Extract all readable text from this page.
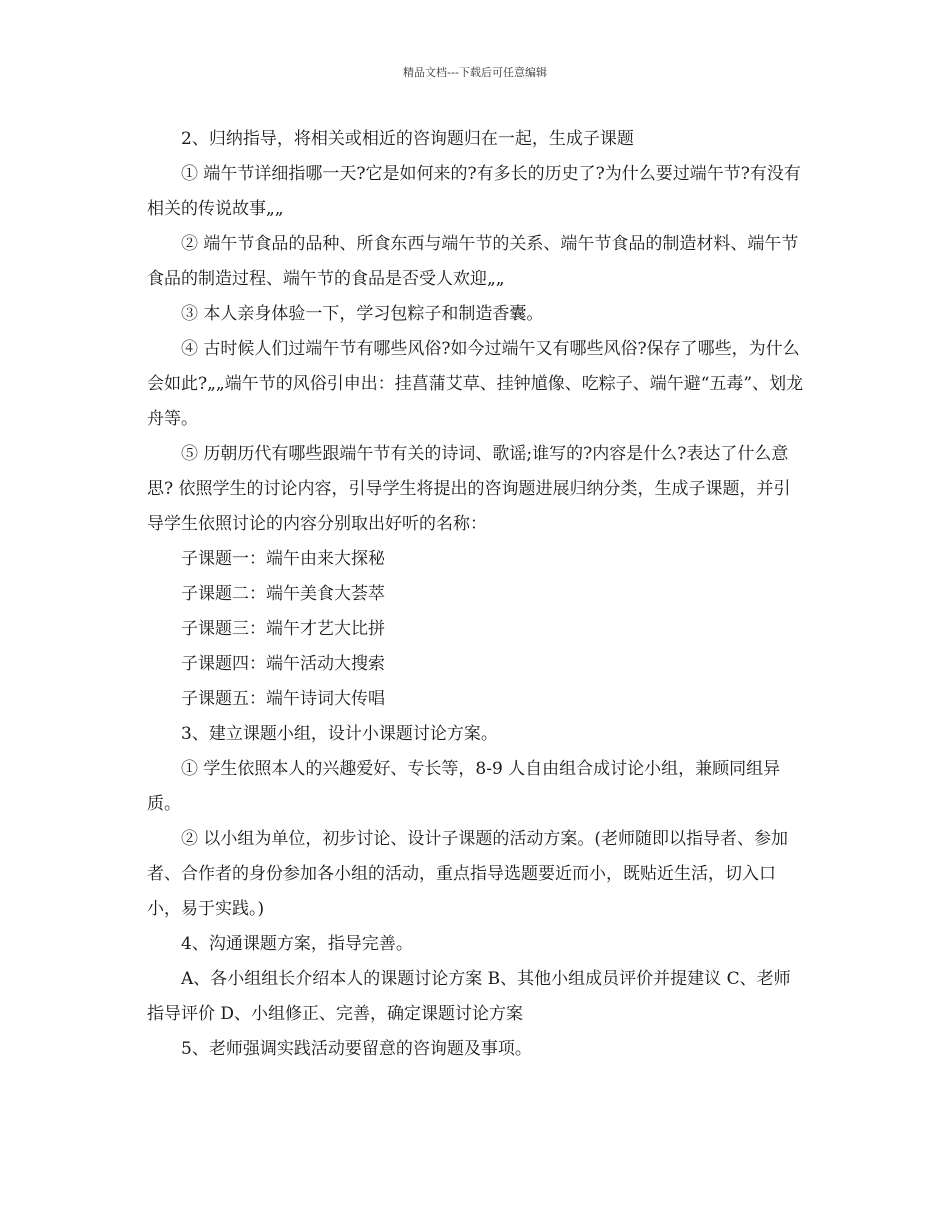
精品文档---下载后可任意编辑

2、归纳指导，将相关或相近的咨询题归在一起，生成子课题

① 端午节详细指哪一天?它是如何来的?有多长的历史了?为什么要过端午节?有没有相关的传说故事„„

② 端午节食品的品种、所食东西与端午节的关系、端午节食品的制造材料、端午节食品的制造过程、端午节的食品是否受人欢迎„„

③ 本人亲身体验一下，学习包粽子和制造香囊。

④ 古时候人们过端午节有哪些风俗?如今过端午又有哪些风俗?保存了哪些，为什么会如此?„„端午节的风俗引申出：挂菖蒲艾草、挂钟馗像、吃粽子、端午避“五毒”、划龙舟等。

⑤ 历朝历代有哪些跟端午节有关的诗词、歌谣;谁写的?内容是什么?表达了什么意思? 依照学生的讨论内容，引导学生将提出的咨询题进展归纳分类，生成子课题，并引导学生依照讨论的内容分别取出好听的名称：

子课题一：端午由来大探秘

子课题二：端午美食大荟萃

子课题三：端午才艺大比拼

子课题四：端午活动大搜索

子课题五：端午诗词大传唱

3、建立课题小组，设计小课题讨论方案。

① 学生依照本人的兴趣爱好、专长等，8-9 人自由组合成讨论小组，兼顾同组异质。

② 以小组为单位，初步讨论、设计子课题的活动方案。(老师随即以指导者、参加者、合作者的身份参加各小组的活动，重点指导选题要近而小，既贴近生活，切入口小，易于实践。)

4、沟通课题方案，指导完善。

A、各小组组长介绍本人的课题讨论方案 B、其他小组成员评价并提建议 C、老师指导评价 D、小组修正、完善，确定课题讨论方案

5、老师强调实践活动要留意的咨询题及事项。
